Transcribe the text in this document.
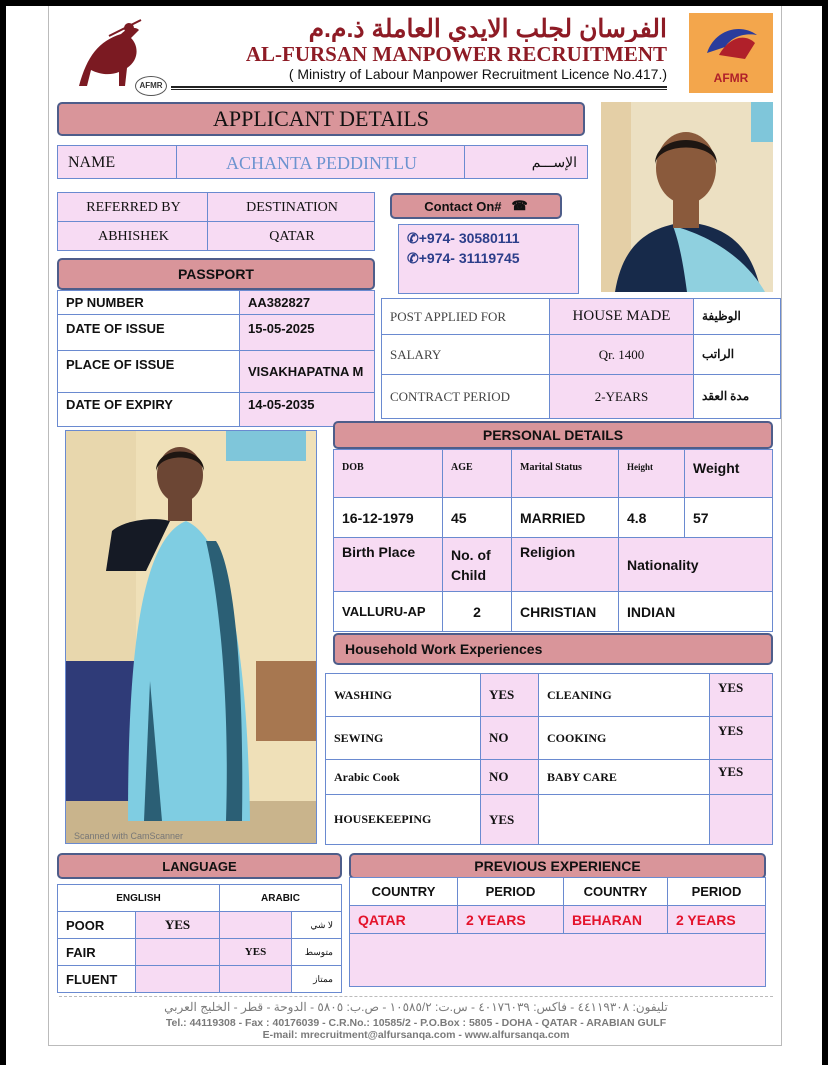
AFMR
الفرسان لجلب الايدي العاملة ذ.م.م
AL-FURSAN MANPOWER RECRUITMENT
( Ministry of Labour Manpower Recruitment Licence No.417.)	AFMR
APPLICANT DETAILS
NAME	ACHANTA PEDDINTLU	الإســـم
REFERRED BY	DESTINATION
ABHISHEK	QATAR
Contact On# ☎
✆+974- 30580111
✆+974- 31119745
PASSPORT
PP NUMBER	AA382827
DATE OF ISSUE	15-05-2025
PLACE OF ISSUE	VISAKHAPATNA M
DATE OF EXPIRY	14-05-2035
POST APPLIED FOR	HOUSE MADE	الوظيفة
SALARY	Qr. 1400	الراتب
CONTRACT PERIOD	2-YEARS	مدة العقد
Scanned with CamScanner
PERSONAL DETAILS
DOB	AGE	Marital Status	Height	Weight
16-12-1979	45	MARRIED	4.8	57
Birth Place	No. of Child	Religion	Nationality	
VALLURU-AP	2	CHRISTIAN	INDIAN	
Household Work Experiences
WASHING	YES	CLEANING	YES
SEWING	NO	COOKING	YES
Arabic Cook	NO	BABY CARE	YES
HOUSEKEEPING	YES		
LANGUAGE
ENGLISH		ARABIC	
POOR	YES		لا شي
FAIR		YES	متوسط
FLUENT			ممتاز
PREVIOUS EXPERIENCE
COUNTRY	PERIOD	COUNTRY	PERIOD
QATAR	2 YEARS	BEHARAN	2 YEARS
تليفون: ٤٤١١٩٣٠٨ - فاكس: ٤٠١٧٦٠٣٩ - س.ت: ١٠٥٨٥/٢ - ص.ب: ٥٨٠٥ - الدوحة - قطر - الخليج العربي
Tel.: 44119308 - Fax : 40176039 - C.R.No.: 10585/2 - P.O.Box : 5805 - DOHA - QATAR - ARABIAN GULF
E-mail: mrecruitment@alfursanqa.com - www.alfursanqa.com
